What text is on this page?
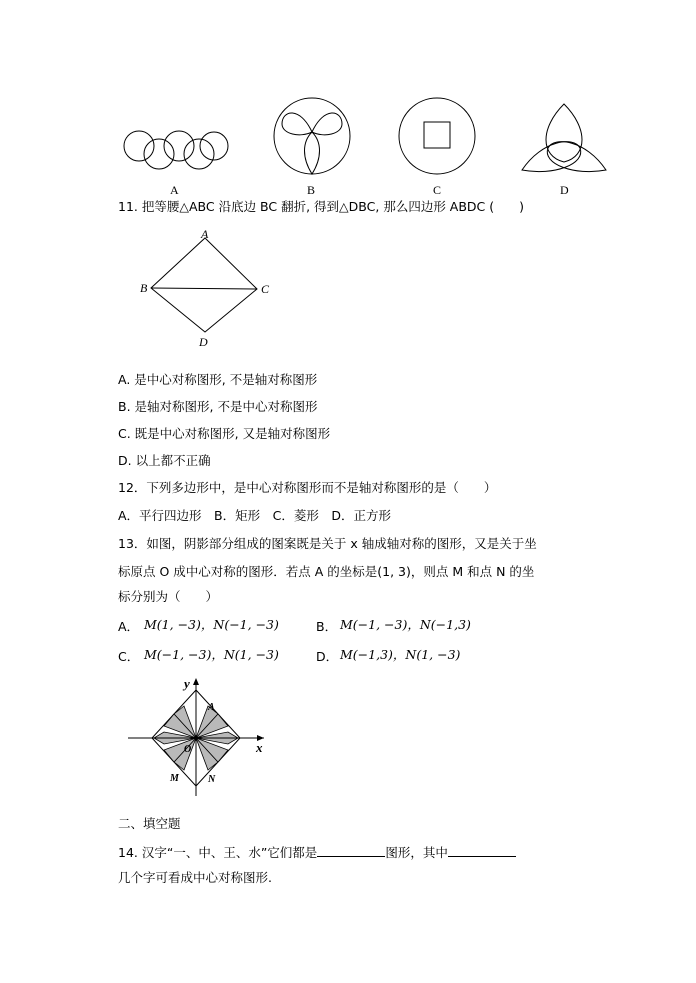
A	B	C	D
11. 把等腰△ABC 沿底边 BC 翻折, 得到△DBC, 那么四边形 ABDC (　　)
A
B	C
D
A. 是中心对称图形, 不是轴对称图形
B. 是轴对称图形, 不是中心对称图形
C. 既是中心对称图形, 又是轴对称图形
D. 以上都不正确
12．下列多边形中，是中心对称图形而不是轴对称图形的是（　　）
A．平行四边形　B．矩形　C．菱形　D．正方形
13．如图，阴影部分组成的图案既是关于 x 轴成轴对称的图形，又是关于坐
标原点 O 成中心对称的图形．若点 A 的坐标是(1, 3)，则点 M 和点 N 的坐
标分别为（　　）
A． M(1, −3)，N(−1, −3)	B． M(−1, −3)，N(−1,3)
C． M(−1, −3)，N(1, −3)	D． M(−1,3)，N(1, −3)
x
y
O
A
M	N
二、填空题
14. 汉字“一、中、王、水”它们都是	图形，其中
几个字可看成中心对称图形.
